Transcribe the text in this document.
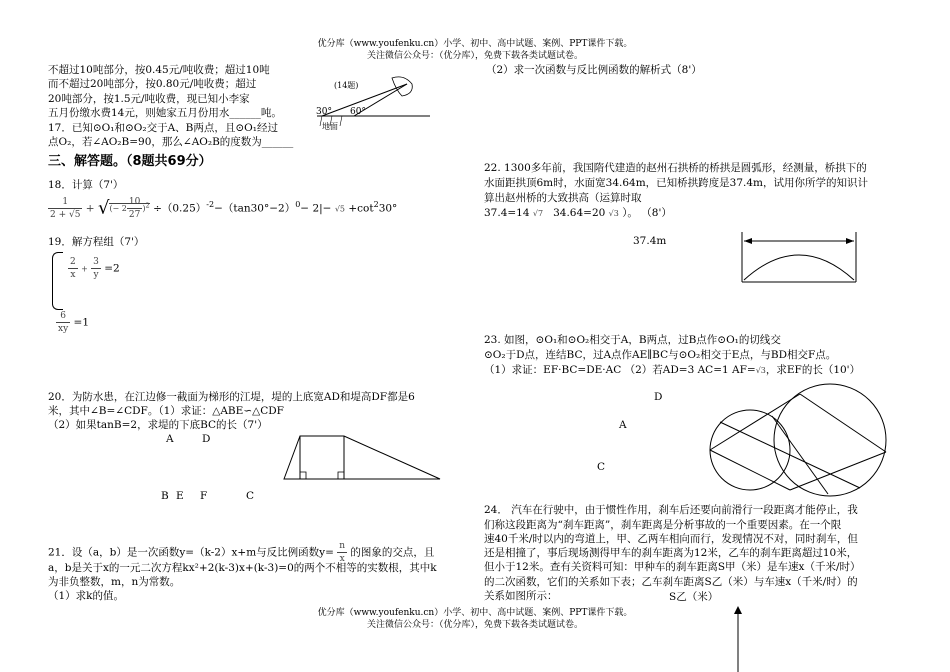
优分库（www.youfenku.cn）小学、初中、高中试题、案例、PPT课件下载。
关注微信公众号：（优分库），免费下载各类试题试卷。
不超过10吨部分，按0.45元/吨收费；超过10吨
而不超过20吨部分，按0.80元/吨收费；超过
20吨部分，按1.5元/吨收费，现已知小李家
五月份缴水费14元，则她家五月份用水______吨。
17．已知⊙O₁和⊙O₂交于A、B两点，且⊙O₁经过
点O₂，若∠AO₂B=90，那么∠AO₂B的度数为______
(14题)
30° 60°
地面
三、解答题。（8题共69分）
18．计算（7'）
$\frac{1}{2 + √5}$ + √(− $2 \frac{10}{27} )^2 \div(0.25)^{-2}-(\tan 30^\circ-2)^0- 2|- √5 +\cot^230^\circ$
19．解方程组（7'）
$\frac{2}{x} + \frac{3}{y} =2$
$\frac{6}{xy} =1$
20．为防水患，在江边修一截面为梯形的江堤，堤的上底宽AD和堤高DF都是6
米，其中∠B=∠CDF。（1）求证：△ABE∽△CDF
（2）如果tanB=2，求堤的下底BC的长（7'）
A	D
B E F	C
21．设（a，b）是一次函数y=（k-2）x+m与反比例函数$y= \frac{n}{x}$ 的图象的交点，且
a，b是关于x的一元二次方程kx²+2(k-3)x+(k-3)=0的两个不相等的实数根，其中k
为非负整数，m，n为常数。
（1）求k的值。
（2）求一次函数与反比例函数的解析式（8'）
22. 1300多年前，我国隋代建造的赵州石拱桥的桥拱是圆弧形，经测量，桥拱下的
水面距拱顶6m时，水面宽34.64m，已知桥拱跨度是37.4m，试用你所学的知识计
算出赵州桥的大致拱高（运算时取
37.4=14 √7 34.64=20 √3 ）。 （8'）
37.4m
23. 如图，⊙O₁和⊙O₂相交于A，B两点，过B点作⊙O₁的切线交
⊙O₂于D点，连结BC，过A点作AE∥BC与⊙O₂相交于E点，与BD相交F点。
（1）求证：EF·BC=DE·AC （2）若AD=3 AC=1 AF=√3，求EF的长（10'）
D
A
C
24． 汽车在行驶中，由于惯性作用，刹车后还要向前滑行一段距离才能停止，我
们称这段距离为“刹车距离”，刹车距离是分析事故的一个重要因素。在一个限
速40千米/时以内的弯道上，甲、乙两车相向而行，发现情况不对，同时刹车，但
还是相撞了，事后现场测得甲车的刹车距离为12米，乙车的刹车距离超过10米，
但小于12米。查有关资料可知：甲种车的刹车距离S甲（米）是车速x（千米/时）
的二次函数，它们的关系如下表；乙车刹车距离S乙（米）与车速x（千米/时）的
关系如图所示：	S乙（米）
优分库（www.youfenku.cn）小学、初中、高中试题、案例、PPT课件下载。
关注微信公众号：（优分库），免费下载各类试题试卷。
